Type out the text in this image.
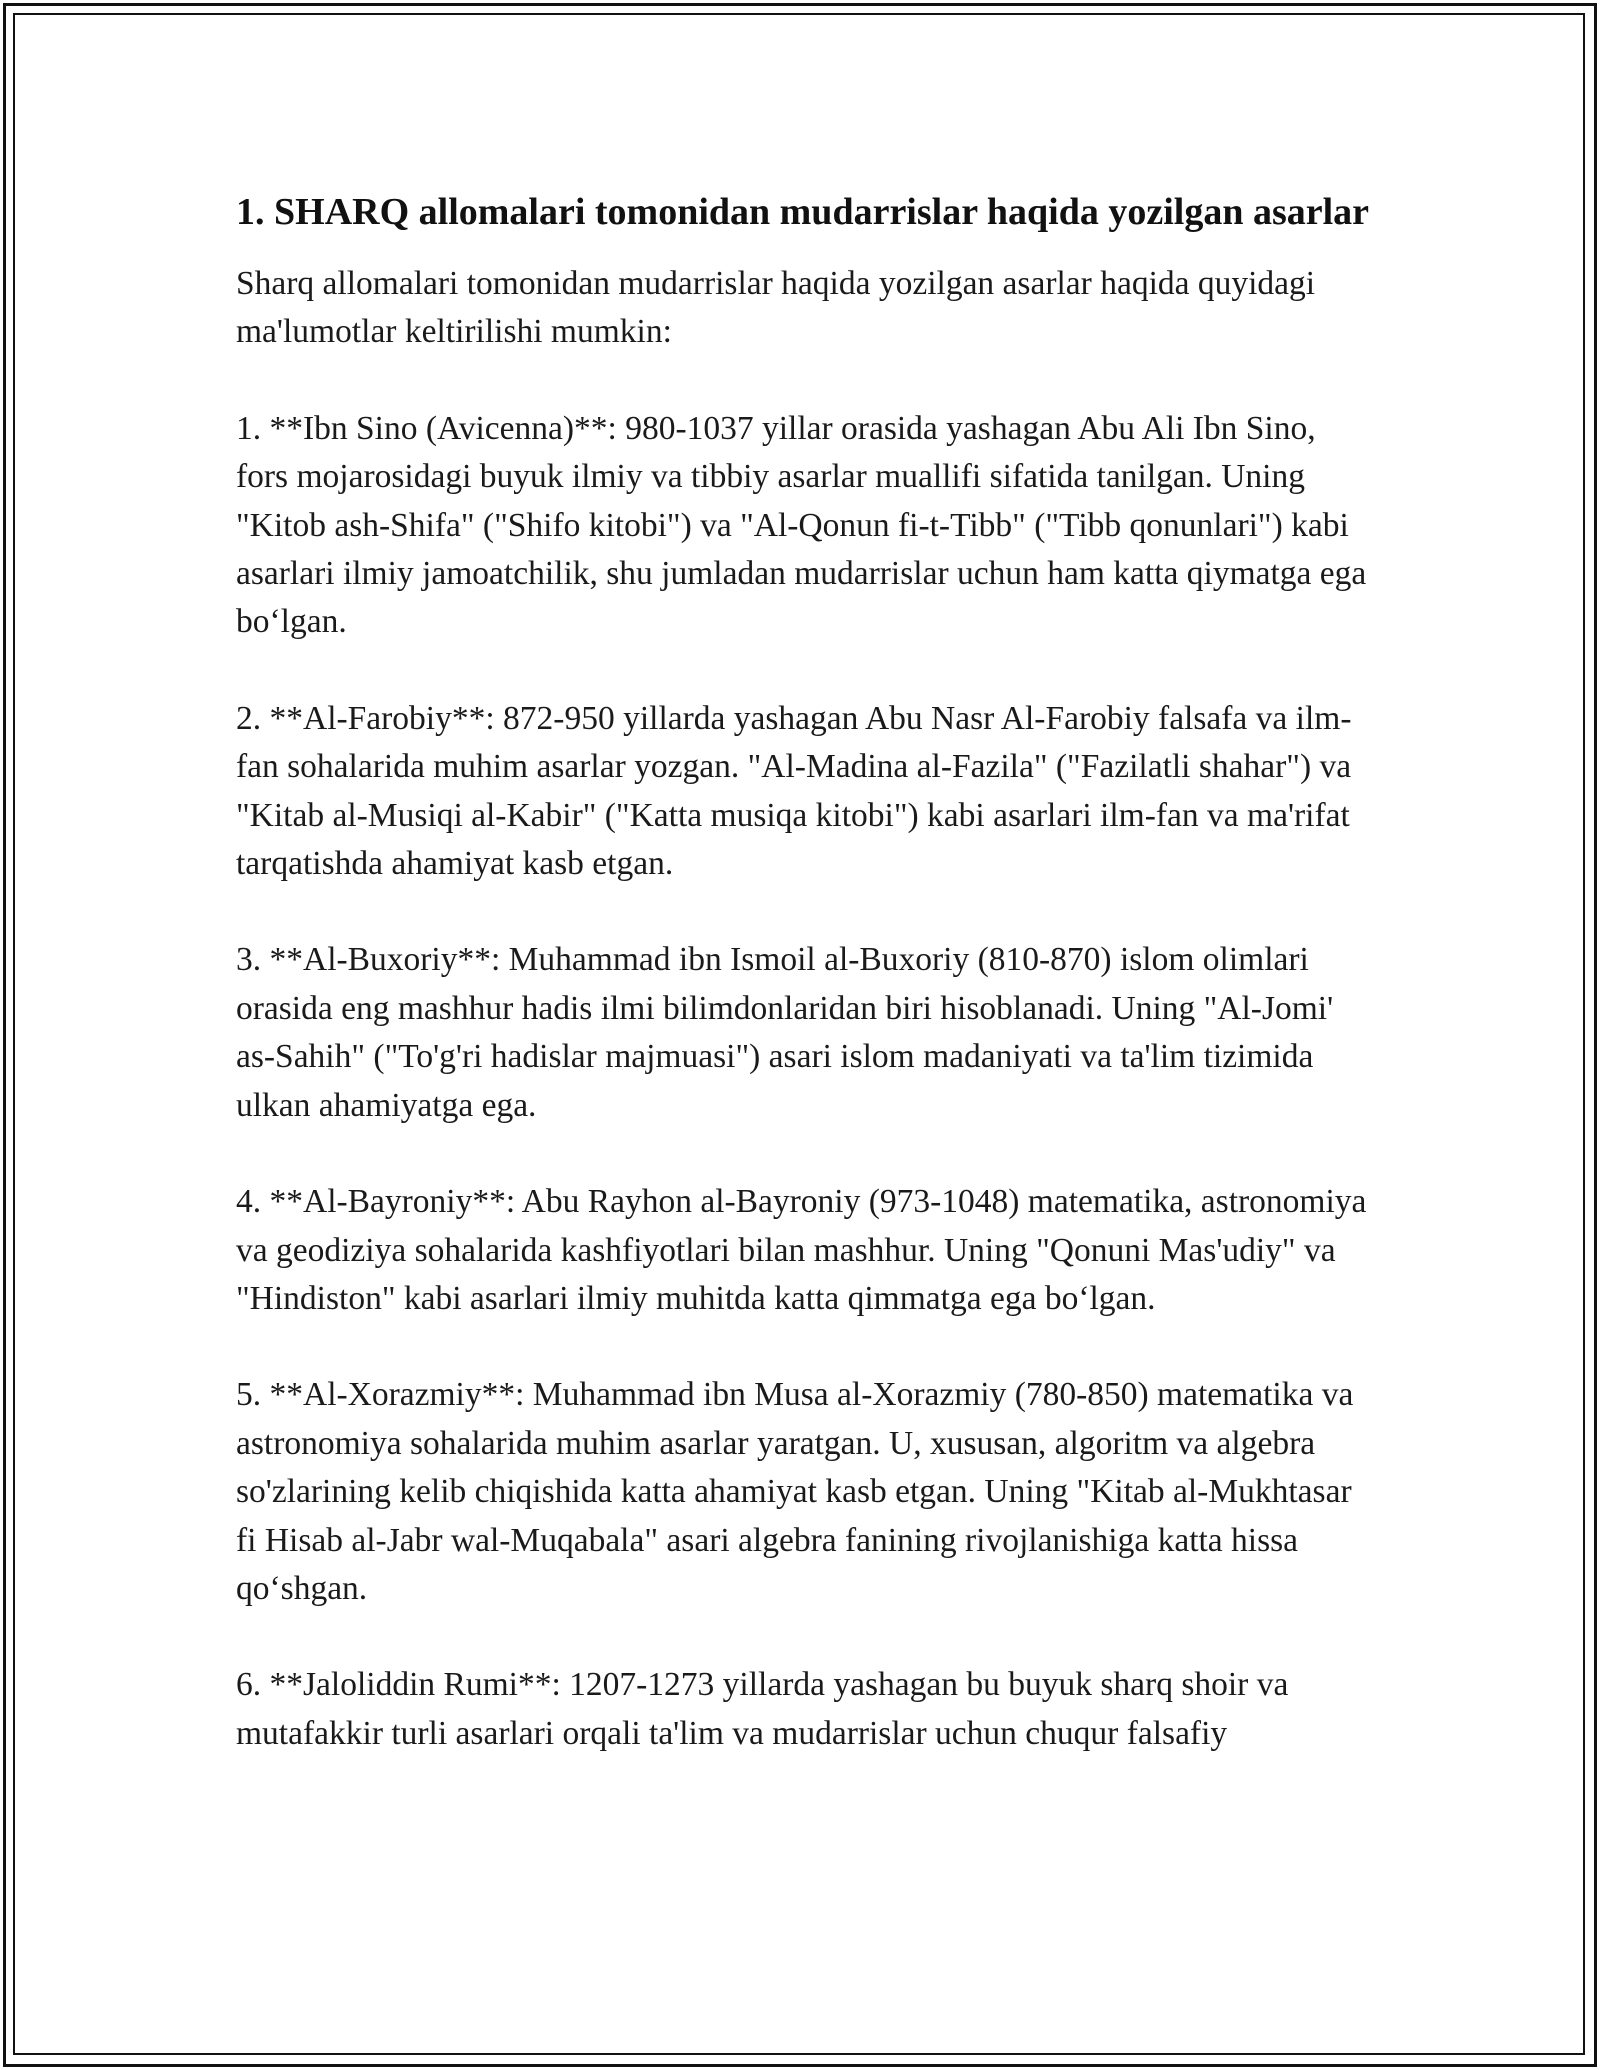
1. SHARQ allomalari tomonidan mudarrislar haqida yozilgan asarlar

Sharq allomalari tomonidan mudarrislar haqida yozilgan asarlar haqida quyidagi ma'lumotlar keltirilishi mumkin:

1. **Ibn Sino (Avicenna)**: 980-1037 yillar orasida yashagan Abu Ali Ibn Sino, fors mojarosidagi buyuk ilmiy va tibbiy asarlar muallifi sifatida tanilgan. Uning "Kitob ash-Shifa" ("Shifo kitobi") va "Al-Qonun fi-t-Tibb" ("Tibb qonunlari") kabi asarlari ilmiy jamoatchilik, shu jumladan mudarrislar uchun ham katta qiymatga ega bo‘lgan.

2. **Al-Farobiy**: 872-950 yillarda yashagan Abu Nasr Al-Farobiy falsafa va ilm-fan sohalarida muhim asarlar yozgan. "Al-Madina al-Fazila" ("Fazilatli shahar") va "Kitab al-Musiqi al-Kabir" ("Katta musiqa kitobi") kabi asarlari ilm-fan va ma'rifat tarqatishda ahamiyat kasb etgan.

3. **Al-Buxoriy**: Muhammad ibn Ismoil al-Buxoriy (810-870) islom olimlari orasida eng mashhur hadis ilmi bilimdonlaridan biri hisoblanadi. Uning "Al-Jomi' as-Sahih" ("To'g'ri hadislar majmuasi") asari islom madaniyati va ta'lim tizimida ulkan ahamiyatga ega.

4. **Al-Bayroniy**: Abu Rayhon al-Bayroniy (973-1048) matematika, astronomiya va geodiziya sohalarida kashfiyotlari bilan mashhur. Uning "Qonuni Mas'udiy" va "Hindiston" kabi asarlari ilmiy muhitda katta qimmatga ega bo‘lgan.

5. **Al-Xorazmiy**: Muhammad ibn Musa al-Xorazmiy (780-850) matematika va astronomiya sohalarida muhim asarlar yaratgan. U, xususan, algoritm va algebra so'zlarining kelib chiqishida katta ahamiyat kasb etgan. Uning "Kitab al-Mukhtasar fi Hisab al-Jabr wal-Muqabala" asari algebra fanining rivojlanishiga katta hissa qo‘shgan.

6. **Jaloliddin Rumi**: 1207-1273 yillarda yashagan bu buyuk sharq shoir va mutafakkir turli asarlari orqali ta'lim va mudarrislar uchun chuqur falsafiy
